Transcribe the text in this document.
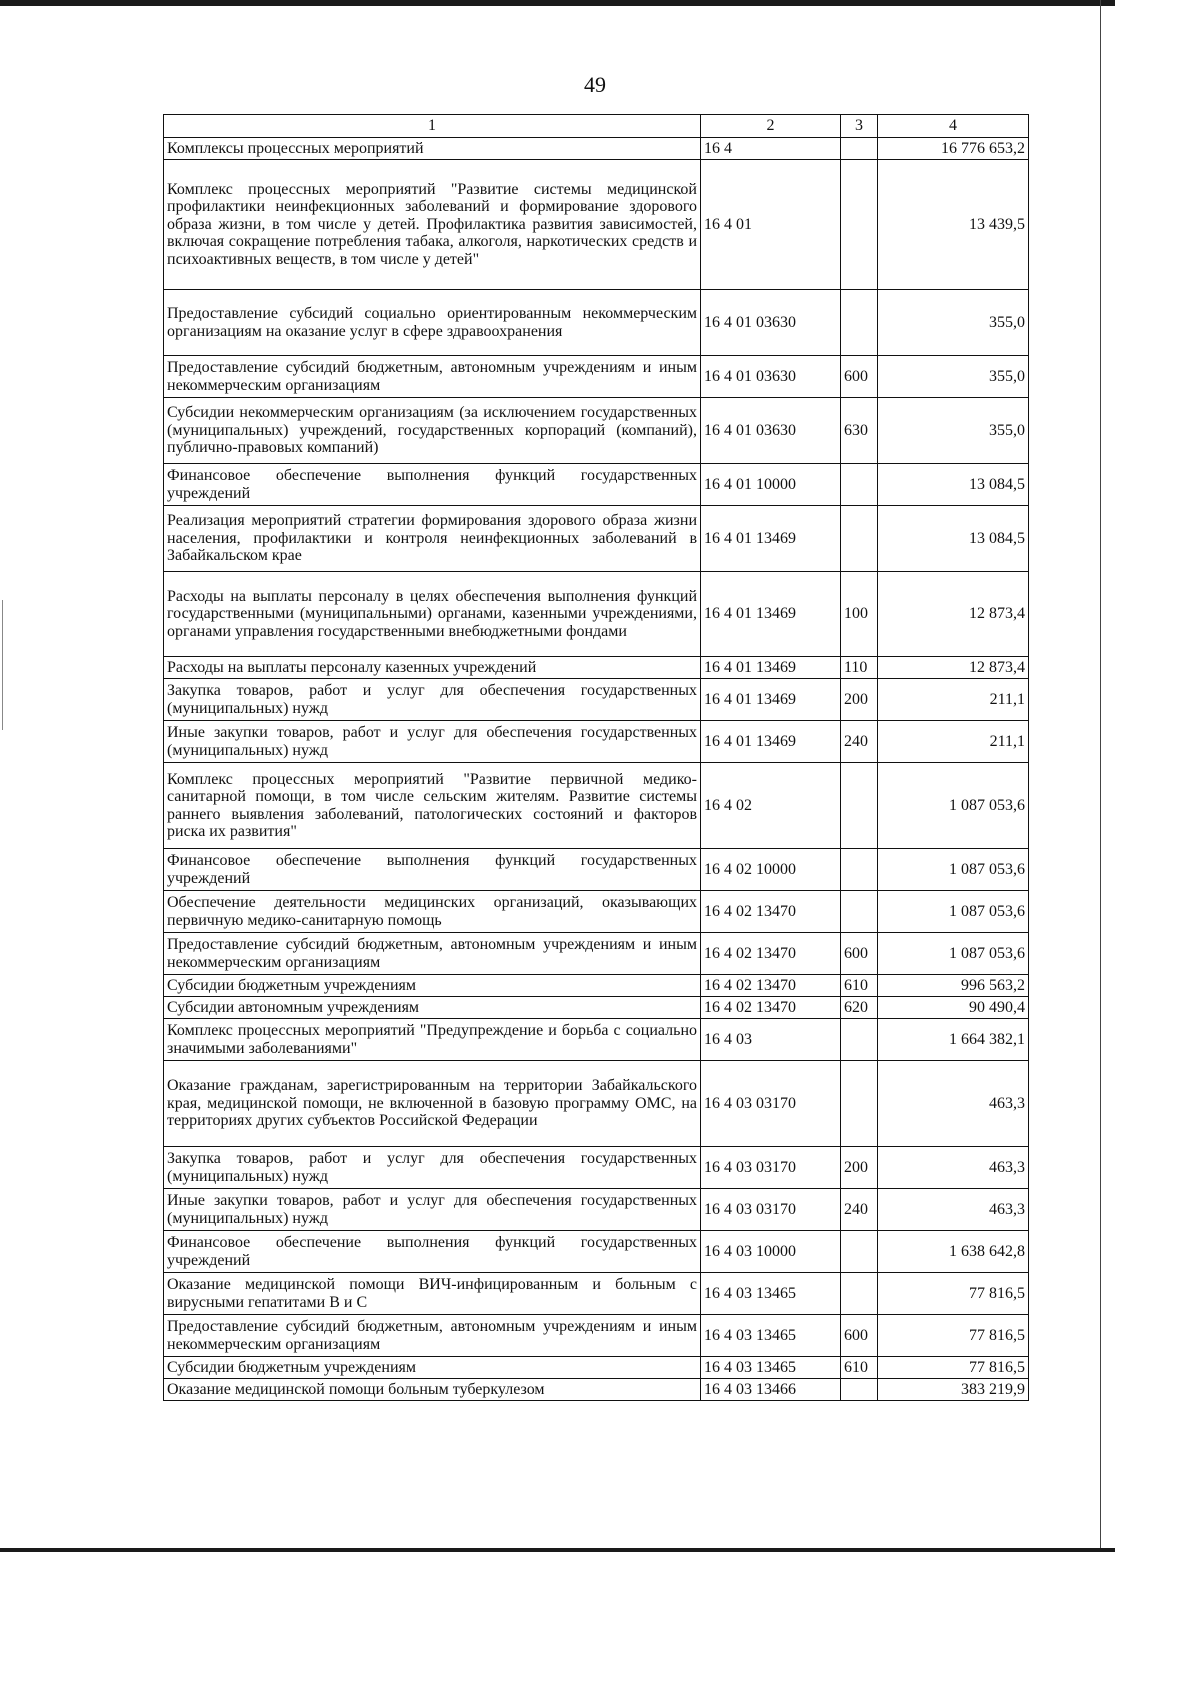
49
1	2	3	4
Комплексы процессных мероприятий	16 4		16 776 653,2
Комплекс процессных мероприятий "Развитие системы медицинской профилактики неинфекционных заболеваний и формирование здорового образа жизни, в том числе у детей. Профилактика развития зависимостей, включая сокращение потребления табака, алкоголя, наркотических средств и психоактивных веществ, в том числе у детей"	16 4 01		13 439,5
Предоставление субсидий социально ориентированным некоммерческим организациям на оказание услуг в сфере здравоохранения	16 4 01 03630		355,0
Предоставление субсидий бюджетным, автономным учреждениям и иным некоммерческим организациям	16 4 01 03630	600	355,0
Субсидии некоммерческим организациям (за исключением государственных (муниципальных) учреждений, государственных корпораций (компаний), публично-правовых компаний)	16 4 01 03630	630	355,0
Финансовое обеспечение выполнения функций государственных учреждений	16 4 01 10000		13 084,5
Реализация мероприятий стратегии формирования здорового образа жизни населения, профилактики и контроля неинфекционных заболеваний в Забайкальском крае	16 4 01 13469		13 084,5
Расходы на выплаты персоналу в целях обеспечения выполнения функций государственными (муниципальными) органами, казенными учреждениями, органами управления государственными внебюджетными фондами	16 4 01 13469	100	12 873,4
Расходы на выплаты персоналу казенных учреждений	16 4 01 13469	110	12 873,4
Закупка товаров, работ и услуг для обеспечения государственных (муниципальных) нужд	16 4 01 13469	200	211,1
Иные закупки товаров, работ и услуг для обеспечения государственных (муниципальных) нужд	16 4 01 13469	240	211,1
Комплекс процессных мероприятий "Развитие первичной медико-санитарной помощи, в том числе сельским жителям. Развитие системы раннего выявления заболеваний, патологических состояний и факторов риска их развития"	16 4 02		1 087 053,6
Финансовое обеспечение выполнения функций государственных учреждений	16 4 02 10000		1 087 053,6
Обеспечение деятельности медицинских организаций, оказывающих первичную медико-санитарную помощь	16 4 02 13470		1 087 053,6
Предоставление субсидий бюджетным, автономным учреждениям и иным некоммерческим организациям	16 4 02 13470	600	1 087 053,6
Субсидии бюджетным учреждениям	16 4 02 13470	610	996 563,2
Субсидии автономным учреждениям	16 4 02 13470	620	90 490,4
Комплекс процессных мероприятий "Предупреждение и борьба с социально значимыми заболеваниями"	16 4 03		1 664 382,1
Оказание гражданам, зарегистрированным на территории Забайкальского края, медицинской помощи, не включенной в базовую программу ОМС, на территориях других субъектов Российской Федерации	16 4 03 03170		463,3
Закупка товаров, работ и услуг для обеспечения государственных (муниципальных) нужд	16 4 03 03170	200	463,3
Иные закупки товаров, работ и услуг для обеспечения государственных (муниципальных) нужд	16 4 03 03170	240	463,3
Финансовое обеспечение выполнения функций государственных учреждений	16 4 03 10000		1 638 642,8
Оказание медицинской помощи ВИЧ-инфицированным и больным с вирусными гепатитами В и С	16 4 03 13465		77 816,5
Предоставление субсидий бюджетным, автономным учреждениям и иным некоммерческим организациям	16 4 03 13465	600	77 816,5
Субсидии бюджетным учреждениям	16 4 03 13465	610	77 816,5
Оказание медицинской помощи больным туберкулезом	16 4 03 13466		383 219,9
